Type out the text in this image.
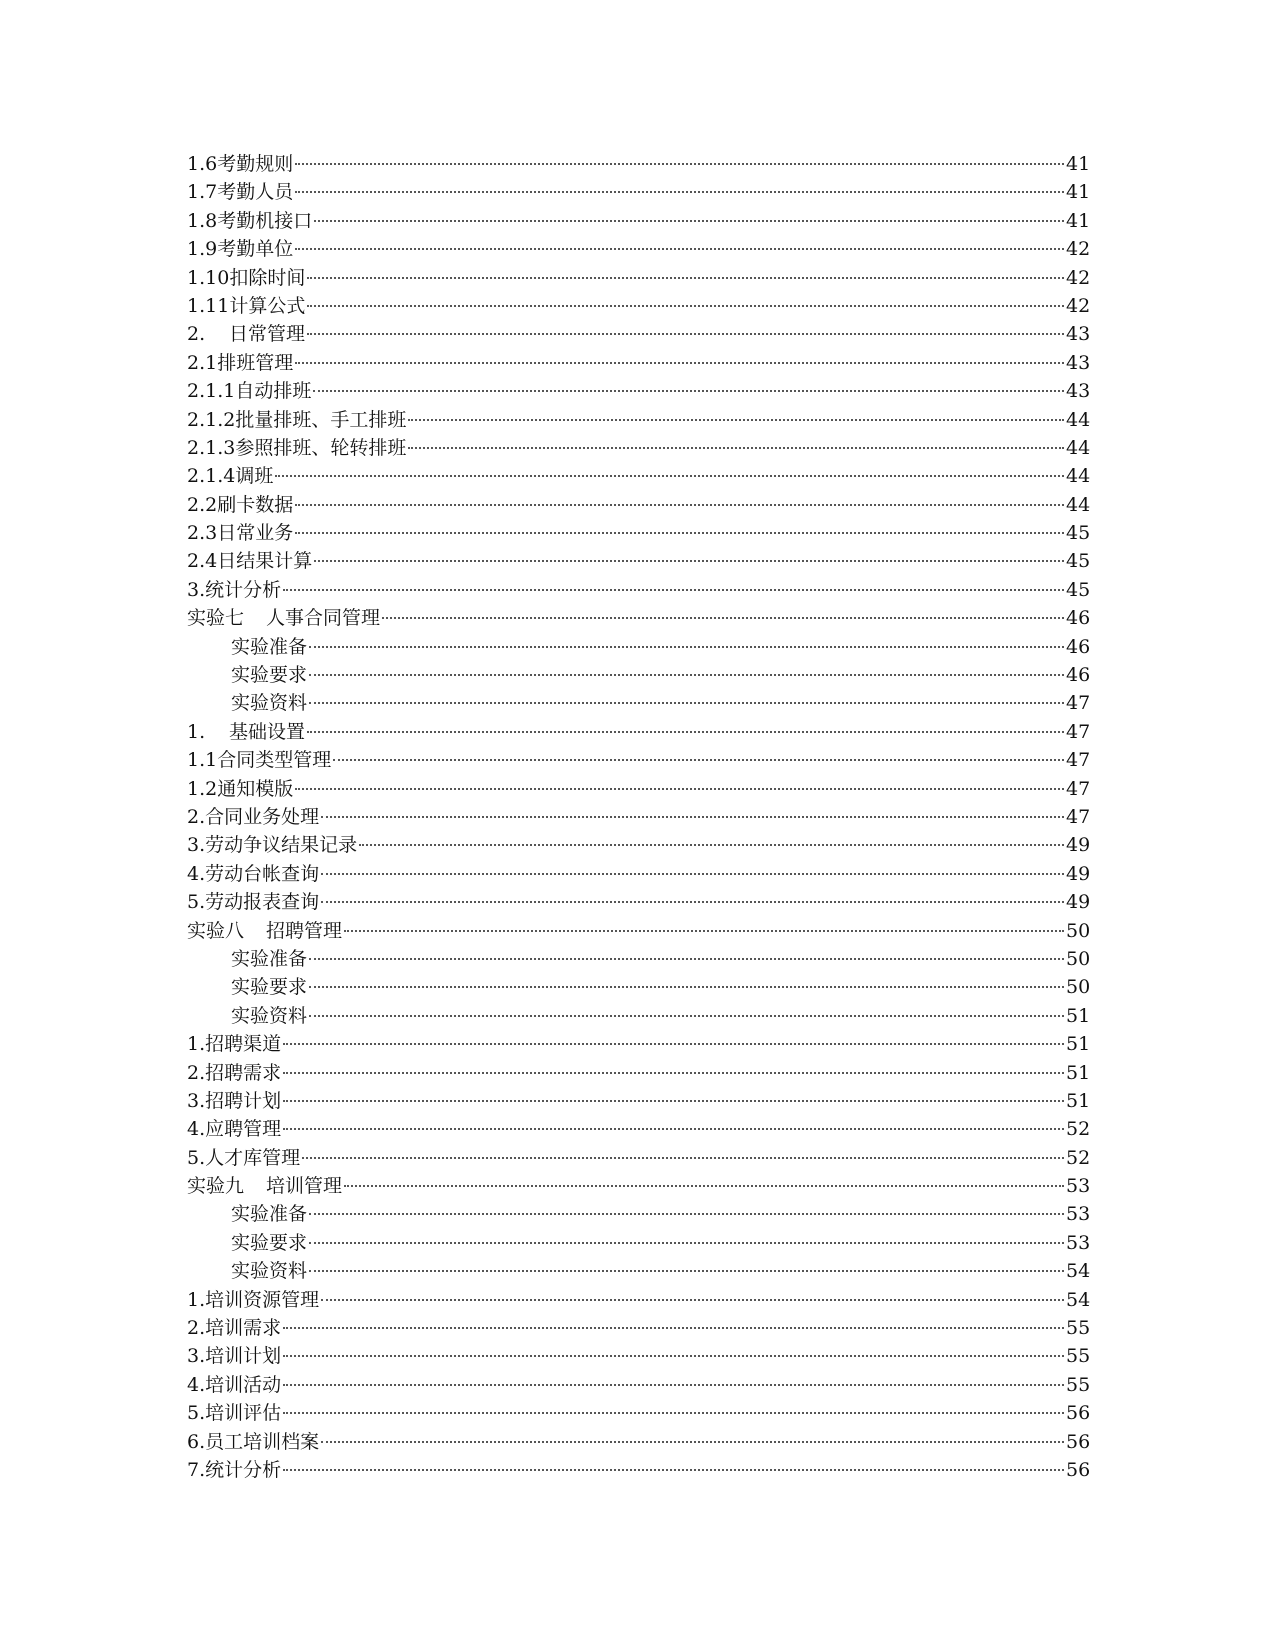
1.6 考勤规则	41
1.7 考勤人员	41
1.8 考勤机接口	41
1.9 考勤单位	42
1.10 扣除时间	42
1.11 计算公式	42
2.	日常管理	43
2.1 排班管理	43
2.1.1 自动排班	43
2.1.2 批量排班、手工排班	44
2.1.3 参照排班、轮转排班	44
2.1.4 调班	44
2.2 刷卡数据	44
2.3 日常业务	45
2.4 日结果计算	45
3. 统计分析	45
实验七 人事合同管理	46
实验准备	46
实验要求	46
实验资料	47
1.	基础设置	47
1.1 合同类型管理	47
1.2 通知模版	47
2. 合同业务处理	47
3. 劳动争议结果记录	49
4. 劳动台帐查询	49
5. 劳动报表查询	49
实验八 招聘管理	50
实验准备	50
实验要求	50
实验资料	51
1. 招聘渠道	51
2. 招聘需求	51
3. 招聘计划	51
4. 应聘管理	52
5. 人才库管理	52
实验九 培训管理	53
实验准备	53
实验要求	53
实验资料	54
1. 培训资源管理	54
2. 培训需求	55
3. 培训计划	55
4. 培训活动	55
5. 培训评估	56
6. 员工培训档案	56
7. 统计分析	56
